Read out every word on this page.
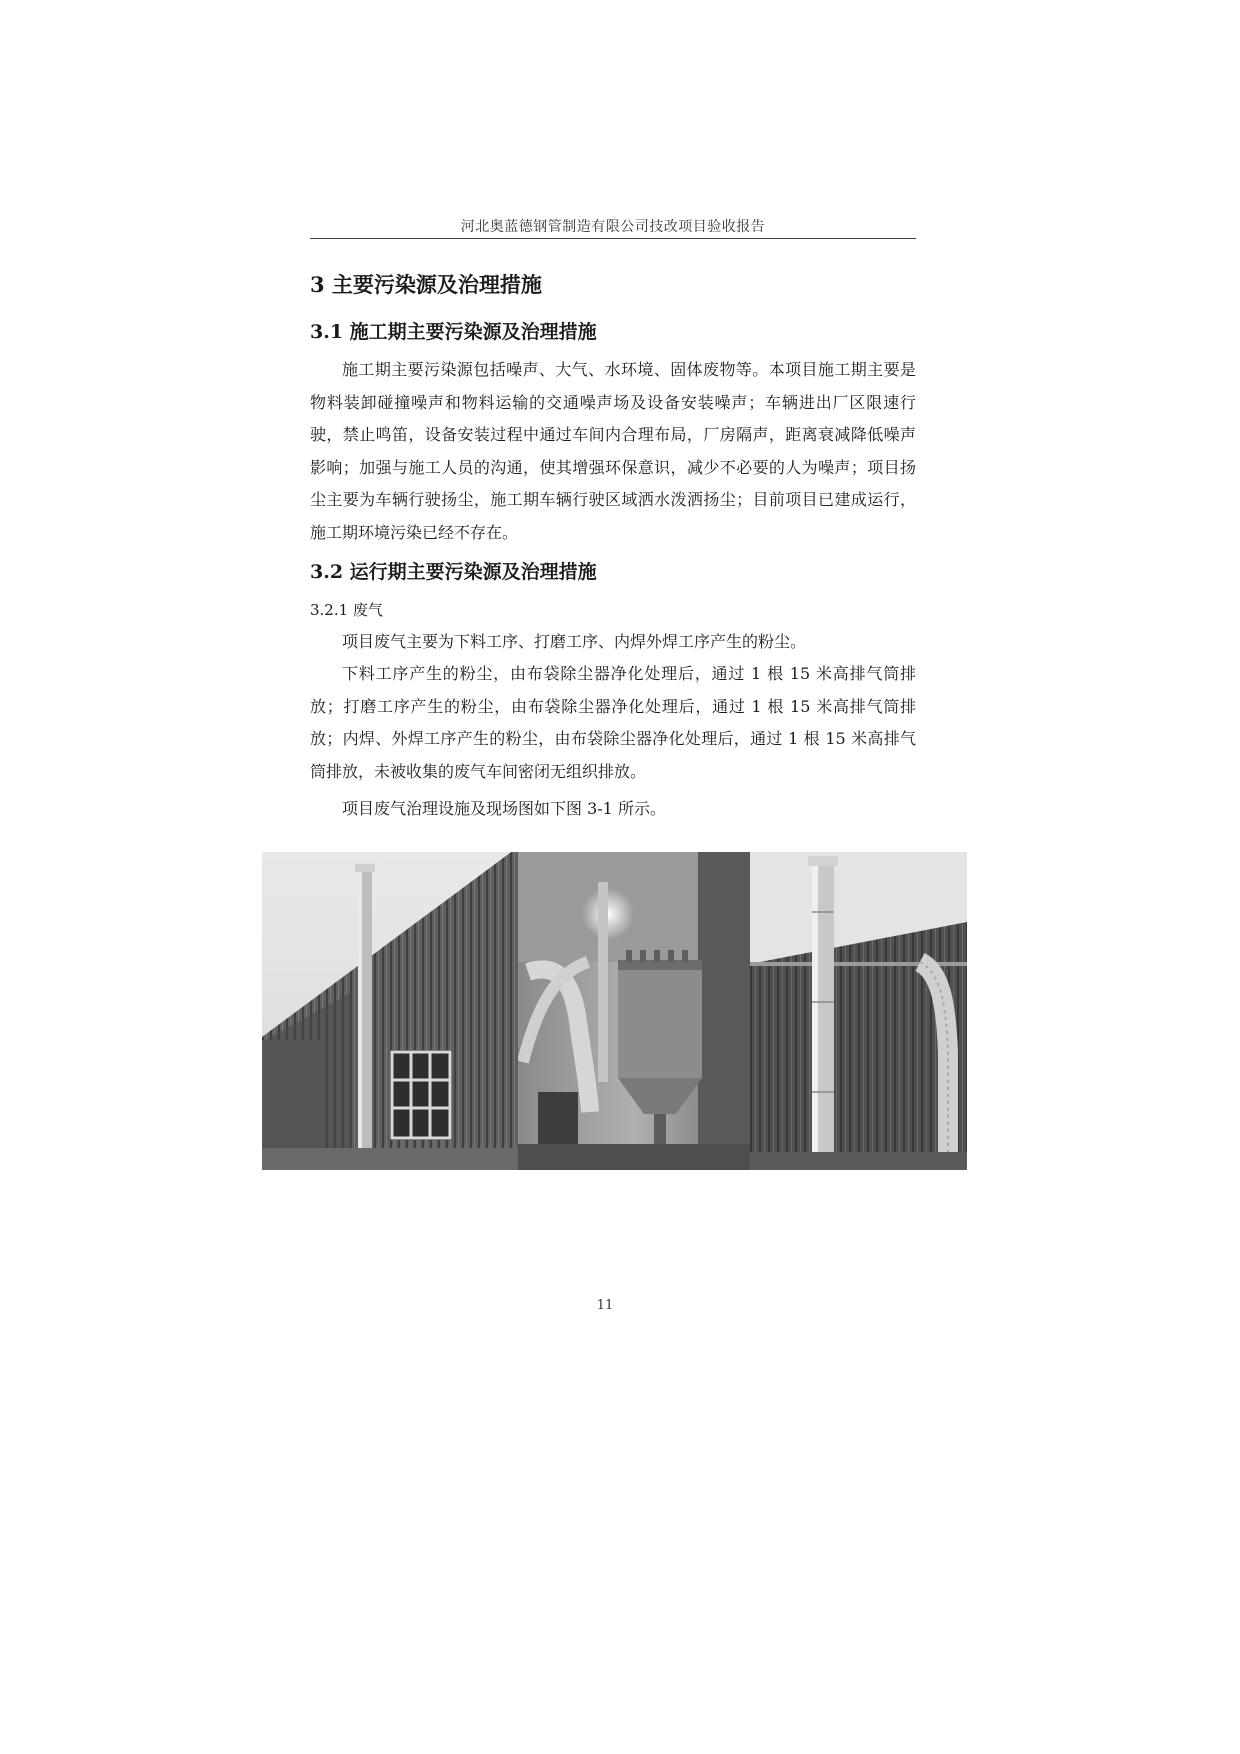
河北奥蓝德钢管制造有限公司技改项目验收报告
3 主要污染源及治理措施
3.1 施工期主要污染源及治理措施

施工期主要污染源包括噪声、大气、水环境、固体废物等。本项目施工期主要是物料装卸碰撞噪声和物料运输的交通噪声场及设备安装噪声；车辆进出厂区限速行驶，禁止鸣笛，设备安装过程中通过车间内合理布局，厂房隔声，距离衰减降低噪声影响；加强与施工人员的沟通，使其增强环保意识，减少不必要的人为噪声；项目扬尘主要为车辆行驶扬尘，施工期车辆行驶区域洒水泼洒扬尘；目前项目已建成运行，施工期环境污染已经不存在。

3.2 运行期主要污染源及治理措施

3.2.1 废气

项目废气主要为下料工序、打磨工序、内焊外焊工序产生的粉尘。

下料工序产生的粉尘，由布袋除尘器净化处理后，通过 1 根 15 米高排气筒排放；打磨工序产生的粉尘，由布袋除尘器净化处理后，通过 1 根 15 米高排气筒排放；内焊、外焊工序产生的粉尘，由布袋除尘器净化处理后，通过 1 根 15 米高排气筒排放，未被收集的废气车间密闭无组织排放。

项目废气治理设施及现场图如下图 3-1 所示。

11
